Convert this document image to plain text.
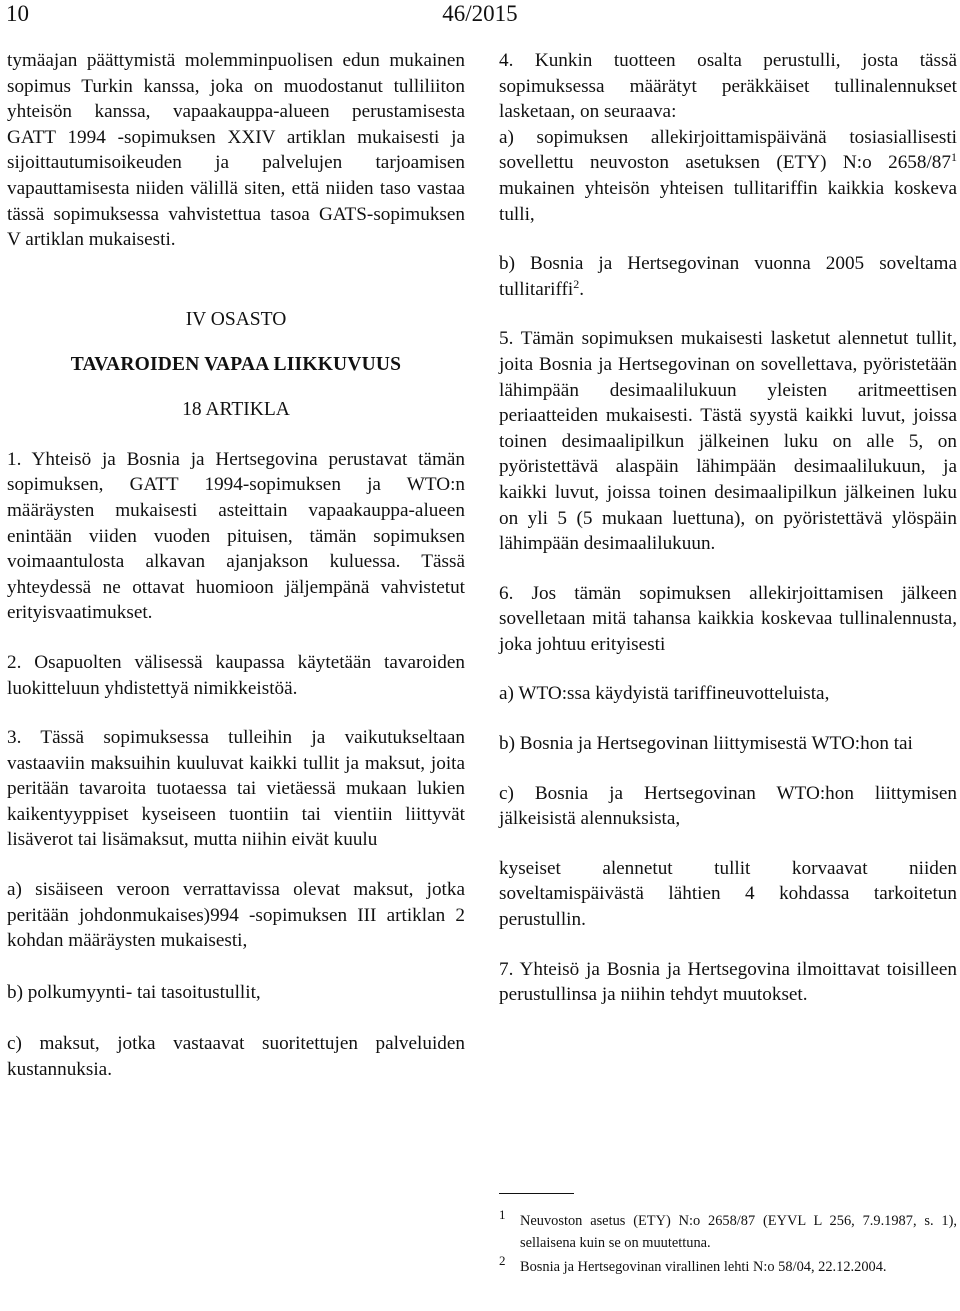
10	46/2015

tymäajan päättymistä molemminpuolisen edun mukainen sopimus Turkin kanssa, joka on muodostanut tulliliiton yhteisön kanssa, vapaakauppa-alueen perustamisesta GATT 1994 -sopimuksen XXIV artiklan mukaisesti ja sijoittautumisoikeuden ja palvelujen tarjoamisen vapauttamisesta niiden välillä siten, että niiden taso vastaa tässä sopimuksessa vahvistettua tasoa GATS-sopimuksen V artiklan mukaisesti.

IV OSASTO
TAVAROIDEN VAPAA LIIKKUVUUS
18 ARTIKLA

1. Yhteisö ja Bosnia ja Hertsegovina perustavat tämän sopimuksen, GATT 1994-sopimuksen ja WTO:n määräysten mukaisesti asteittain vapaakauppa-alueen enintään viiden vuoden pituisen, tämän sopimuksen voimaantulosta alkavan ajanjakson kuluessa. Tässä yhteydessä ne ottavat huomioon jäljempänä vahvistetut erityisvaatimukset.

2. Osapuolten välisessä kaupassa käytetään tavaroiden luokitteluun yhdistettyä nimikkeistöä.

3. Tässä sopimuksessa tulleihin ja vaikutukseltaan vastaaviin maksuihin kuuluvat kaikki tullit ja maksut, joita peritään tavaroita tuotaessa tai vietäessä mukaan lukien kaikentyyppiset kyseiseen tuontiin tai vientiin liittyvät lisäverot tai lisämaksut, mutta niihin eivät kuulu

a) sisäiseen veroon verrattavissa olevat maksut, jotka peritään johdonmukaises)994 -sopimuksen III artiklan 2 kohdan määräysten mukaisesti,

b) polkumyynti- tai tasoitustullit,

c) maksut, jotka vastaavat suoritettujen palveluiden kustannuksia.

4. Kunkin tuotteen osalta perustulli, josta tässä sopimuksessa määrätyt peräkkäiset tullinalennukset lasketaan, on seuraava:

a) sopimuksen allekirjoittamispäivänä tosiasiallisesti sovellettu neuvoston asetuksen (ETY) N:o $2658/87^1$ mukainen yhteisön yhteisen tullitariffin kaikkia koskeva tulli,

b) Bosnia ja Hertsegovinan vuonna 2005 soveltama tullitariffi$^2$.

5. Tämän sopimuksen mukaisesti lasketut alennetut tullit, joita Bosnia ja Hertsegovinan on sovellettava, pyöristetään lähimpään desimaalilukuun yleisten aritmeettisen periaatteiden mukaisesti. Tästä syystä kaikki luvut, joissa toinen desimaalipilkun jälkeinen luku on alle 5, on pyöristettävä alaspäin lähimpään desimaalilukuun, ja kaikki luvut, joissa toinen desimaalipilkun jälkeinen luku on yli 5 (5 mukaan luettuna), on pyöristettävä ylöspäin lähimpään desimaalilukuun.

6. Jos tämän sopimuksen allekirjoittamisen jälkeen sovelletaan mitä tahansa kaikkia koskevaa tullinalennusta, joka johtuu erityisesti

a) WTO:ssa käydyistä tariffineuvotteluista,

b) Bosnia ja Hertsegovinan liittymisestä WTO:hon tai

c) Bosnia ja Hertsegovinan WTO:hon liittymisen jälkeisistä alennuksista,

kyseiset alennetut tullit korvaavat niiden soveltamispäivästä lähtien 4 kohdassa tarkoitetun perustullin.

7. Yhteisö ja Bosnia ja Hertsegovina ilmoittavat toisilleen perustullinsa ja niihin tehdyt muutokset.

1 Neuvoston asetus (ETY) N:o 2658/87 (EYVL L 256, 7.9.1987, s. 1), sellaisena kuin se on muutettuna.

2 Bosnia ja Hertsegovinan virallinen lehti N:o 58/04, 22.12.2004.
